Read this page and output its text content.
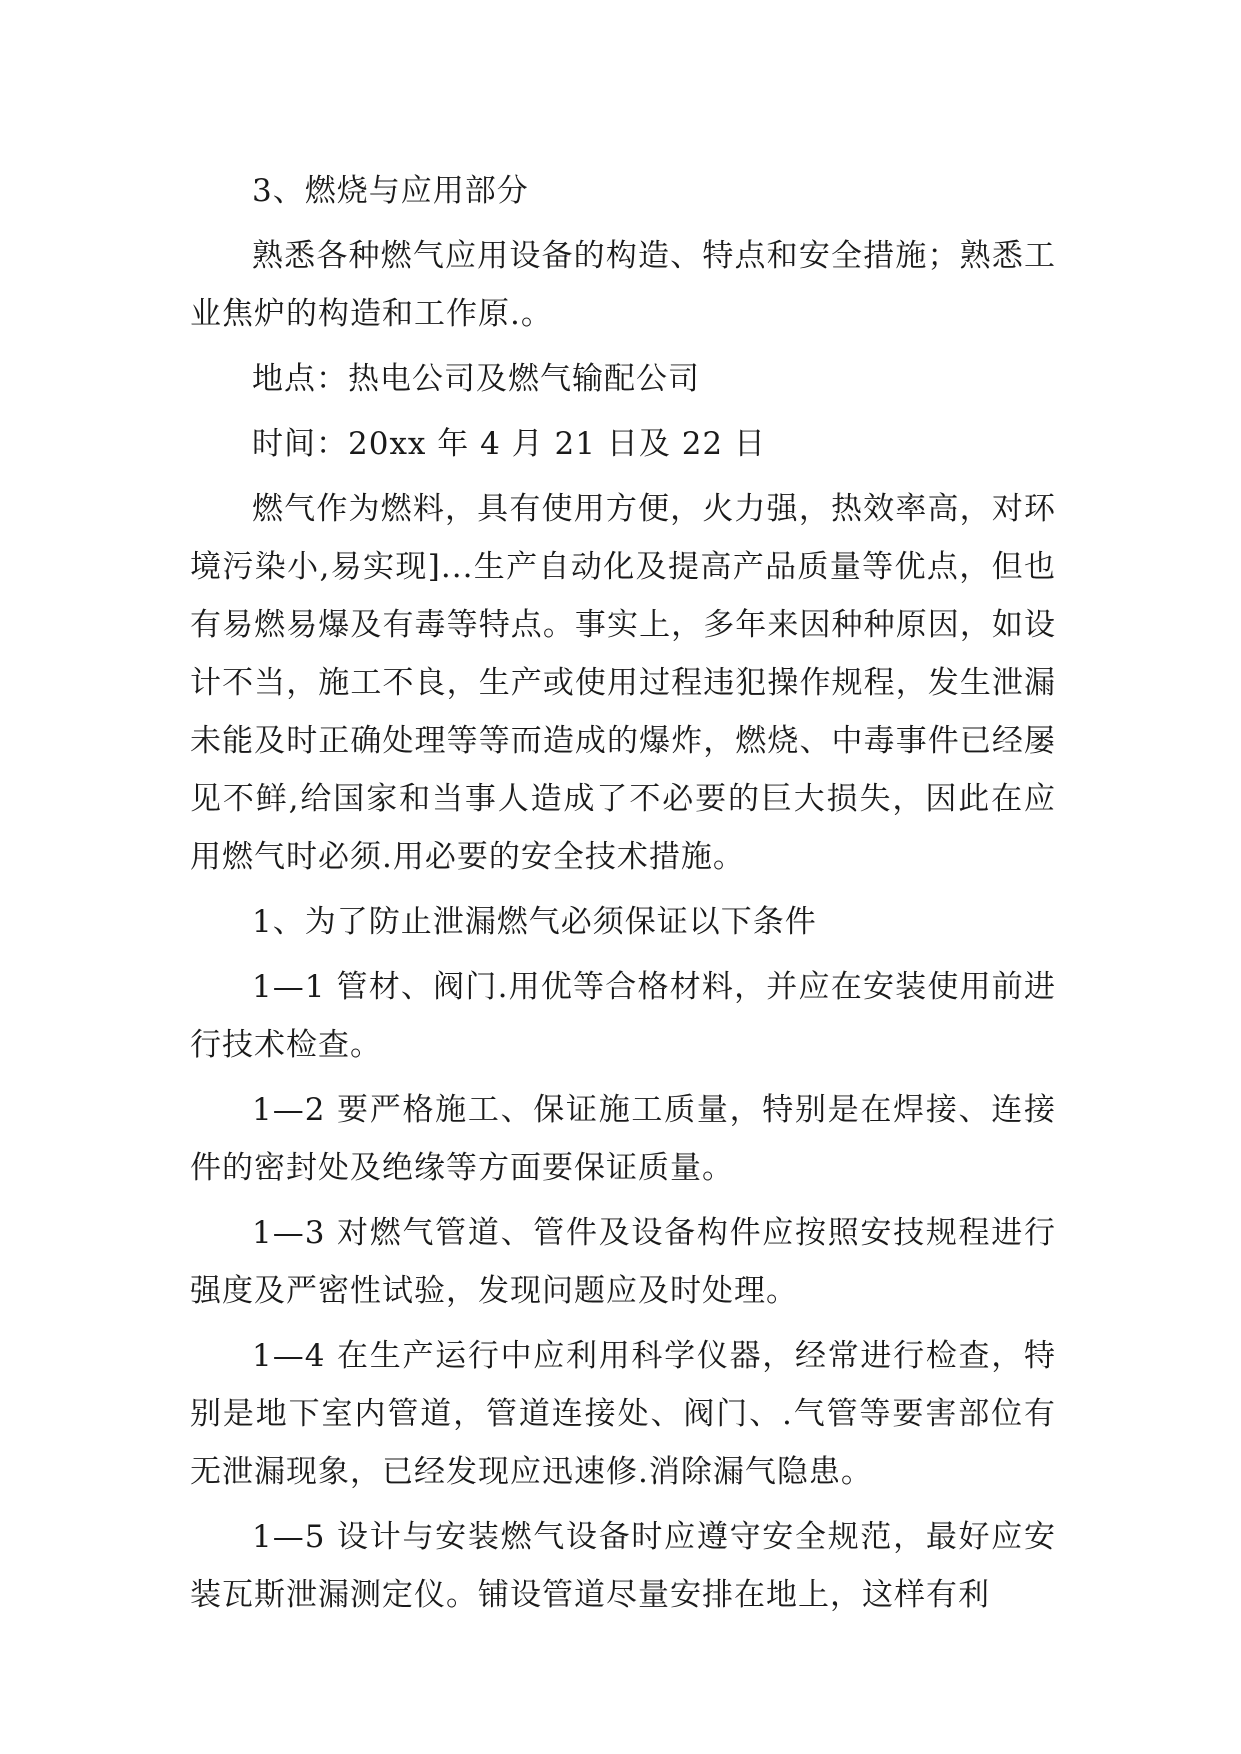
3、燃烧与应用部分

熟悉各种燃气应用设备的构造、特点和安全措施；熟悉工业焦炉的构造和工作原.。

地点：热电公司及燃气输配公司

时间：20xx 年 4 月 21 日及 22 日

燃气作为燃料，具有使用方便，火力强，热效率高，对环境污染小,易实现]...生产自动化及提高产品质量等优点，但也有易燃易爆及有毒等特点。事实上，多年来因种种原因，如设计不当，施工不良，生产或使用过程违犯操作规程，发生泄漏未能及时正确处理等等而造成的爆炸，燃烧、中毒事件已经屡见不鲜,给国家和当事人造成了不必要的巨大损失，因此在应用燃气时必须.用必要的安全技术措施。

1、为了防止泄漏燃气必须保证以下条件

1—1 管材、阀门.用优等合格材料，并应在安装使用前进行技术检查。

1—2 要严格施工、保证施工质量，特别是在焊接、连接件的密封处及绝缘等方面要保证质量。

1—3 对燃气管道、管件及设备构件应按照安技规程进行强度及严密性试验，发现问题应及时处理。

1—4 在生产运行中应利用科学仪器，经常进行检查，特别是地下室内管道，管道连接处、阀门、.气管等要害部位有无泄漏现象，已经发现应迅速修.消除漏气隐患。

1—5 设计与安装燃气设备时应遵守安全规范，最好应安装瓦斯泄漏测定仪。铺设管道尽量安排在地上，这样有利
